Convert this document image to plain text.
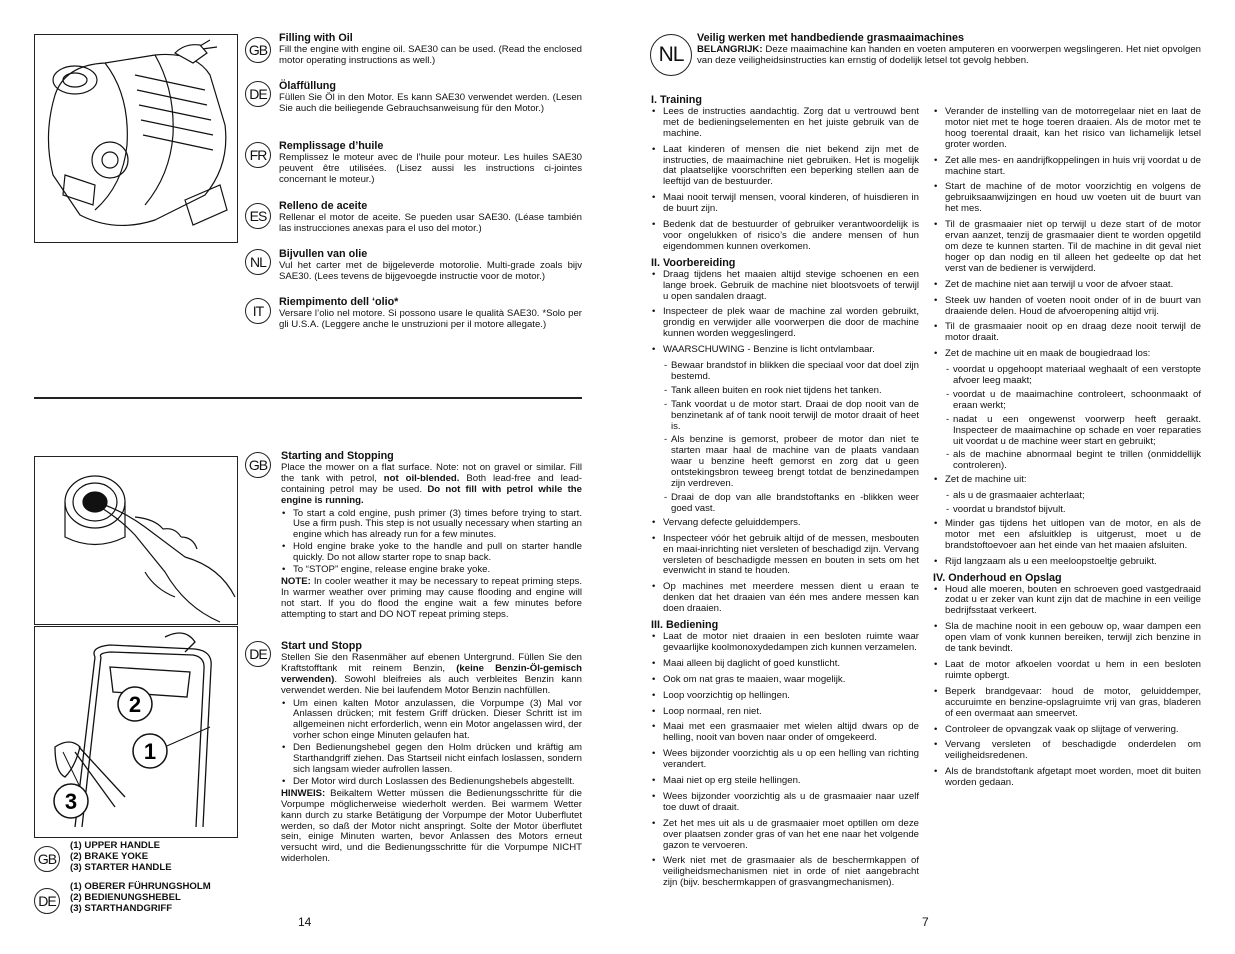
GB
Filling with Oil

Fill the engine with engine oil. SAE30 can be used. (Read the enclosed motor operating instructions as well.)

DE	Ölaffüllung

Füllen Sie Öl in den Motor. Es kann SAE30 verwendet werden. (Lesen Sie auch die beiliegende Gebrauchsanweisung für den Motor.)

FR
Remplissage d’huile

Remplissez le moteur avec de l’huile pour moteur. Les huiles SAE30 peuvent être utilisées. (Lisez aussi les instructions ci-jointes concernant le moteur.)

ES
Relleno de aceite

Rellenar el motor de aceite. Se pueden usar SAE30. (Léase también las instrucciones anexas para el uso del motor.)

NL	Bijvullen van olie

Vul het carter met de bijgeleverde motorolie. Multi-grade zoals bijv SAE30. (Lees tevens de bijgevoegde instructie voor de motor.)

IT
Riempimento dell ‘olio*

Versare l’olio nel motore. Si possono usare le qualità SAE30. *Solo per gli U.S.A. (Leggere anche le unstruzioni per il motore allegate.)

2
1
3
GB
Starting and Stopping

Place the mower on a flat surface. Note: not on gravel or similar. Fill the tank with petrol, not oil-blended. Both lead-free and lead-containing petrol may be used. Do not fill with petrol while the engine is running.

• To start a cold engine, push primer (3) times before trying to start. Use a firm push. This step is not usually necessary when starting an engine which has already run for a few minutes.
• Hold engine brake yoke to the handle and pull on starter handle quickly. Do not allow starter rope to snap back.
• To “STOP” engine, release engine brake yoke.

NOTE: In cooler weather it may be necessary to repeat priming steps. In warmer weather over priming may cause flooding and engine will not start. If you do flood the engine wait a few minutes before attempting to start and DO NOT repeat priming steps.

DE	Start und Stopp

Stellen Sie den Rasenmäher auf ebenen Untergrund. Füllen Sie den Kraftstofftank mit reinem Benzin, (keine Benzin-Öl-gemisch verwenden). Sowohl bleifreies als auch verbleites Benzin kann verwendet werden. Nie bei laufendem Motor Benzin nachfüllen.

• Um einen kalten Motor anzulassen, die Vorpumpe (3) Mal vor Anlassen drücken; mit festem Griff drücken. Dieser Schritt ist im allgemeinen nicht erforderlich, wenn ein Motor angelassen wird, der vorher schon einge Minuten gelaufen hat.
• Den Bedienungshebel gegen den Holm drücken und kräftig am Starthandgriff ziehen. Das Startseil nicht einfach loslassen, sondern sich langsam wieder aufrollen lassen.
• Der Motor wird durch Loslassen des Bedienungshebels abgestellt.

HINWEIS: Beikaltem Wetter müssen die Bedienungsschritte für die Vorpumpe möglicherweise wiederholt werden. Bei warmem Wetter kann durch zu starke Betätigung der Vorpumpe der Motor Uuberflutet werden, so daß der Motor nicht anspringt. Solte der Motor überflutet sein, einige Minuten warten, bevor Anlassen des Motors erneut versucht wird, und die Bedienungsschritte für die Vorpumpe NICHT widerholen.

GB
(1) UPPER HANDLE
(2) BRAKE YOKE
(3) STARTER HANDLE
DE
(1) OBERER FÜHRUNGSHOLM
(2) BEDIENUNGSHEBEL
(3) STARTHANDGRIFF
14
NL
Veilig werken met handbediende grasmaaimachines

BELANGRIJK: Deze maaimachine kan handen en voeten amputeren en voorwerpen wegslingeren. Het niet opvolgen van deze veiligheidsinstructies kan ernstig of dodelijk letsel tot gevolg hebben.

I. Training
• Lees de instructies aandachtig. Zorg dat u vertrouwd bent met de bedieningselementen en het juiste gebruik van de machine.
• Laat kinderen of mensen die niet bekend zijn met de instructies, de maaimachine niet gebruiken. Het is mogelijk dat plaatselijke voorschriften een beperking stellen aan de leeftijd van de bestuurder.
• Maai nooit terwijl mensen, vooral kinderen, of huisdieren in de buurt zijn.
• Bedenk dat de bestuurder of gebruiker verantwoordelijk is voor ongelukken of risico’s die andere mensen of hun eigendommen kunnen overkomen.
II. Voorbereiding
• Draag tijdens het maaien altijd stevige schoenen en een lange broek. Gebruik de machine niet blootsvoets of terwijl u open sandalen draagt.
• Inspecteer de plek waar de machine zal worden gebruikt, grondig en verwijder alle voorwerpen die door de machine kunnen worden weggeslingerd.
• WAARSCHUWING - Benzine is licht ontvlambaar.
- Bewaar brandstof in blikken die speciaal voor dat doel zijn bestemd.
- Tank alleen buiten en rook niet tijdens het tanken.
- Tank voordat u de motor start. Draai de dop nooit van de benzinetank af of tank nooit terwijl de motor draait of heet is.
- Als benzine is gemorst, probeer de motor dan niet te starten maar haal de machine van de plaats vandaan waar u benzine heeft gemorst en zorg dat u geen ontstekingsbron teweeg brengt totdat de benzinedampen zijn verdreven.
- Draai de dop van alle brandstoftanks en -blikken weer goed vast.
• Vervang defecte geluiddempers.
• Inspecteer vóór het gebruik altijd of de messen, mesbouten en maai-inrichting niet versleten of beschadigd zijn. Vervang versleten of beschadigde messen en bouten in sets om het evenwicht in stand te houden.
• Op machines met meerdere messen dient u eraan te denken dat het draaien van één mes andere messen kan doen draaien.
III. Bediening
• Laat de motor niet draaien in een besloten ruimte waar gevaarlijke koolmonoxydedampen zich kunnen verzamelen.
• Maai alleen bij daglicht of goed kunstlicht.
• Ook om nat gras te maaien, waar mogelijk.
• Loop voorzichtig op hellingen.
• Loop normaal, ren niet.
• Maai met een grasmaaier met wielen altijd dwars op de helling, nooit van boven naar onder of omgekeerd.
• Wees bijzonder voorzichtig als u op een helling van richting verandert.
• Maai niet op erg steile hellingen.
• Wees bijzonder voorzichtig als u de grasmaaier naar uzelf toe duwt of draait.
• Zet het mes uit als u de grasmaaier moet optillen om deze over plaatsen zonder gras of van het ene naar het volgende gazon te vervoeren.
• Werk niet met de grasmaaier als de beschermkappen of veiligheidsmechanismen niet in orde of niet aangebracht zijn (bijv. beschermkappen of grasvangmechanismen).
• Verander de instelling van de motorregelaar niet en laat de motor niet met te hoge toeren draaien. Als de motor met te hoog toerental draait, kan het risico van lichamelijk letsel groter worden.
• Zet alle mes- en aandrijfkoppelingen in huis vrij voordat u de machine start.
• Start de machine of de motor voorzichtig en volgens de gebruiksaanwijzingen en houd uw voeten uit de buurt van het mes.
• Til de grasmaaier niet op terwijl u deze start of de motor ervan aanzet, tenzij de grasmaaier dient te worden opgetild om deze te kunnen starten. Til de machine in dit geval niet hoger op dan nodig en til alleen het gedeelte op dat het verst van de bediener is verwijderd.
• Zet de machine niet aan terwijl u voor de afvoer staat.
• Steek uw handen of voeten nooit onder of in de buurt van draaiende delen. Houd de afvoeropening altijd vrij.
• Til de grasmaaier nooit op en draag deze nooit terwijl de motor draait.
• Zet de machine uit en maak de bougiedraad los:
- voordat u opgehoopt materiaal weghaalt of een verstopte afvoer leeg maakt;
- voordat u de maaimachine controleert, schoonmaakt of eraan werkt;
- nadat u een ongewenst voorwerp heeft geraakt. Inspecteer de maaimachine op schade en voer reparaties uit voordat u de machine weer start en gebruikt;
- als de machine abnormaal begint te trillen (onmiddellijk controleren).
• Zet de machine uit:
- als u de grasmaaier achterlaat;
- voordat u brandstof bijvult.
• Minder gas tijdens het uitlopen van de motor, en als de motor met een afsluitklep is uitgerust, moet u de brandstoftoevoer aan het einde van het maaien afsluiten.
• Rijd langzaam als u een meeloopstoeltje gebruikt.
IV. Onderhoud en Opslag
• Houd alle moeren, bouten en schroeven goed vastgedraaid zodat u er zeker van kunt zijn dat de machine in een veilige bedrijfsstaat verkeert.
• Sla de machine nooit in een gebouw op, waar dampen een open vlam of vonk kunnen bereiken, terwijl zich benzine in de tank bevindt.
• Laat de motor afkoelen voordat u hem in een besloten ruimte opbergt.
• Beperk brandgevaar: houd de motor, geluiddemper, accuruimte en benzine-opslagruimte vrij van gras, bladeren of een overmaat aan smeervet.
• Controleer de opvangzak vaak op slijtage of verwering.
• Vervang versleten of beschadigde onderdelen om veiligheidsredenen.
• Als de brandstoftank afgetapt moet worden, moet dit buiten worden gedaan.
7
